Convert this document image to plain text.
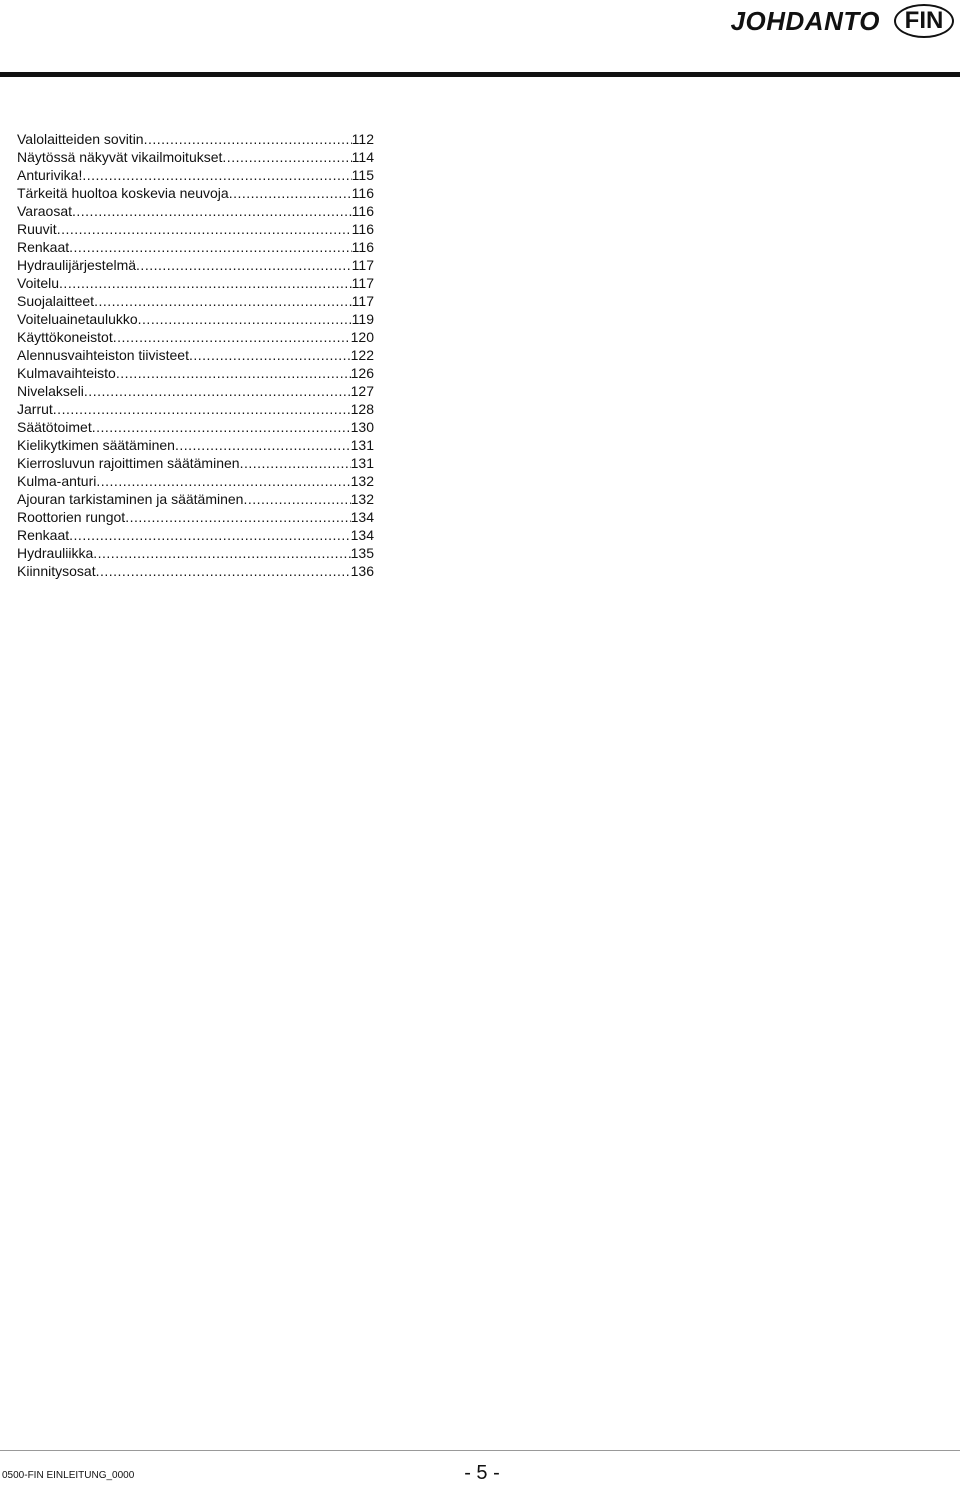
JOHDANTO	FIN
Valolaitteiden sovitin .....	112
Näytössä näkyvät vikailmoitukset .....	114
Anturivika! .....	115
Tärkeitä huoltoa koskevia neuvoja .....	116
Varaosat .....	116
Ruuvit .....	116
Renkaat .....	116
Hydraulijärjestelmä .....	117
Voitelu .....	117
Suojalaitteet .....	117
Voiteluainetaulukko .....	119
Käyttökoneistot .....	120
Alennusvaihteiston tiivisteet .....	122
Kulmavaihteisto .....	126
Nivelakseli .....	127
Jarrut .....	128
Säätötoimet .....	130
Kielikytkimen säätäminen .....	131
Kierrosluvun rajoittimen säätäminen .....	131
Kulma-anturi .....	132
Ajouran tarkistaminen ja säätäminen .....	132
Roottorien rungot .....	134
Renkaat .....	134
Hydrauliikka .....	135
Kiinnitysosat .....	136
0500-FIN EINLEITUNG_0000	- 5 -
